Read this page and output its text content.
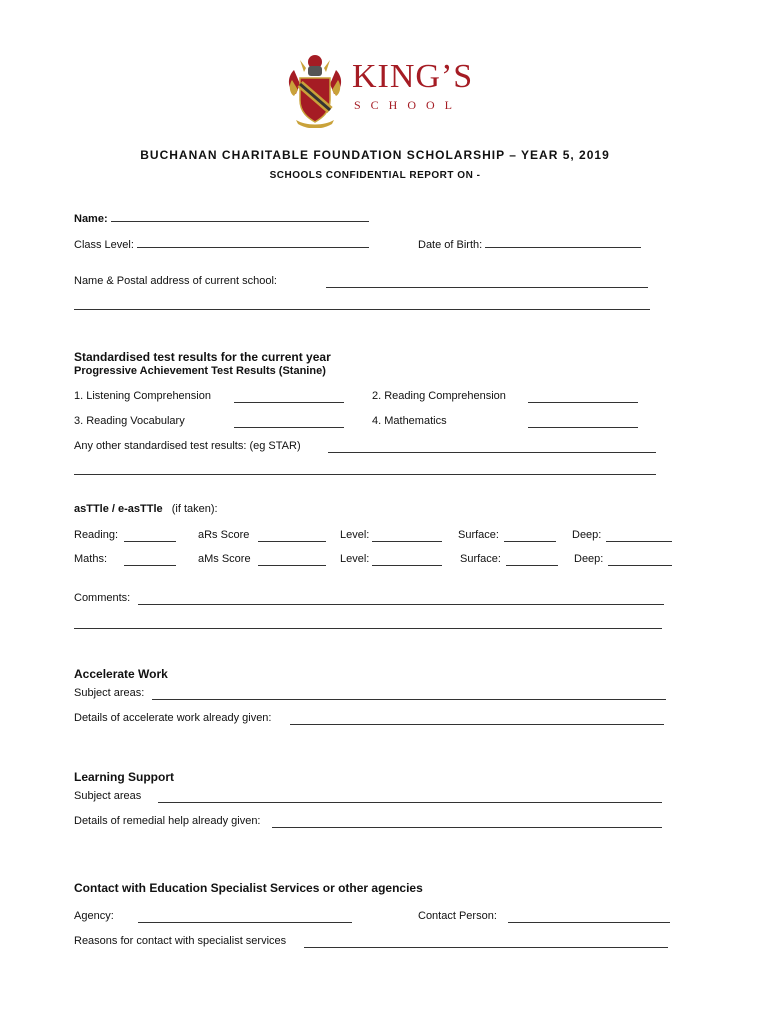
KING’S
SCHOOL
BUCHANAN CHARITABLE FOUNDATION SCHOLARSHIP – YEAR 5, 2019
SCHOOLS CONFIDENTIAL REPORT ON -
Name:
Class Level:	Date of Birth:
Name & Postal address of current school:
Standardised test results for the current year
Progressive Achievement Test Results (Stanine)
1. Listening Comprehension	2. Reading Comprehension
3. Reading Vocabulary	4. Mathematics
Any other standardised test results: (eg STAR)
asTTle / e-asTTle (if taken):
Reading:	aRs Score	Level:	Surface:	Deep:
Maths:	aMs Score	Level:	Surface:	Deep:
Comments:
Accelerate Work
Subject areas:
Details of accelerate work already given:
Learning Support
Subject areas
Details of remedial help already given:
Contact with Education Specialist Services or other agencies
Agency:	Contact Person:
Reasons for contact with specialist services
